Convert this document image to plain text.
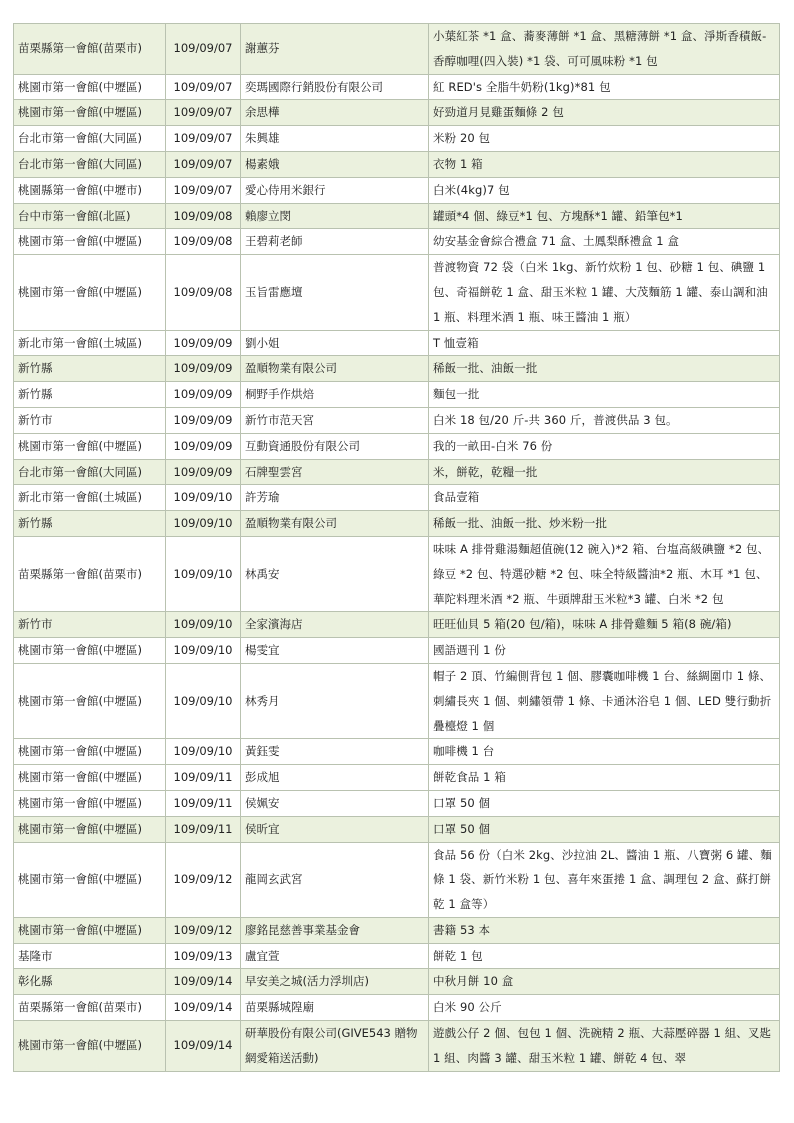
苗栗縣第一會館(苗栗市)	109/09/07	謝蕙芬	小葉紅茶 *1 盒、蕎麥薄餅 *1 盒、黑糖薄餅 *1 盒、淨斯香積飯-香醇咖哩(四入裝) *1 袋、可可風味粉 *1 包
桃園市第一會館(中壢區)	109/09/07	奕瑪國際行銷股份有限公司	紅 RED's 全脂牛奶粉(1kg)*81 包
桃園市第一會館(中壢區)	109/09/07	余思樺	好勁道月見雞蛋麵條 2 包
台北市第一會館(大同區)	109/09/07	朱興雄	米粉 20 包
台北市第一會館(大同區)	109/09/07	楊素娥	衣物 1 箱
桃園縣第一會館(中壢市)	109/09/07	愛心侍用米銀行	白米(4kg)7 包
台中市第一會館(北區)	109/09/08	賴廖立閔	罐頭*4 個、綠豆*1 包、方塊酥*1 罐、鉛筆包*1
桃園市第一會館(中壢區)	109/09/08	王碧莉老師	幼安基金會綜合禮盒 71 盒、土鳳梨酥禮盒 1 盒
桃園市第一會館(中壢區)	109/09/08	玉旨雷應壇	普渡物資 72 袋（白米 1kg、新竹炊粉 1 包、砂糖 1 包、碘鹽 1 包、奇福餅乾 1 盒、甜玉米粒 1 罐、大茂麵筋 1 罐、泰山調和油 1 瓶、料理米酒 1 瓶、味王醬油 1 瓶）
新北市第一會館(土城區)	109/09/09	劉小姐	T 恤壹箱
新竹縣	109/09/09	盈順物業有限公司	稀飯一批、油飯一批
新竹縣	109/09/09	桐野手作烘焙	麵包一批
新竹市	109/09/09	新竹市范天宮	白米 18 包/20 斤-共 360 斤，普渡供品 3 包。
桃園市第一會館(中壢區)	109/09/09	互動資通股份有限公司	我的一畝田-白米 76 份
台北市第一會館(大同區)	109/09/09	石牌聖雲宮	米，餅乾，乾糧一批
新北市第一會館(土城區)	109/09/10	許芳瑜	食品壹箱
新竹縣	109/09/10	盈順物業有限公司	稀飯一批、油飯一批、炒米粉一批
苗栗縣第一會館(苗栗市)	109/09/10	林禹安	味味 A 排骨雞湯麵超值碗(12 碗入)*2 箱、台塩高級碘鹽 *2 包、綠豆 *2 包、特選砂糖 *2 包、味全特級醬油*2 瓶、木耳 *1 包、華陀料理米酒 *2 瓶、牛頭牌甜玉米粒*3 罐、白米 *2 包
新竹市	109/09/10	全家濱海店	旺旺仙貝 5 箱(20 包/箱)，味味 A 排骨雞麵 5 箱(8 碗/箱)
桃園市第一會館(中壢區)	109/09/10	楊雯宜	國語週刊 1 份
桃園市第一會館(中壢區)	109/09/10	林秀月	帽子 2 頂、竹編側背包 1 個、膠囊咖啡機 1 台、絲綢圍巾 1 條、刺繡長夾 1 個、刺繡領帶 1 條、卡通沐浴皂 1 個、LED 雙行動折疊檯燈 1 個
桃園市第一會館(中壢區)	109/09/10	黃鈺雯	咖啡機 1 台
桃園市第一會館(中壢區)	109/09/11	彭成旭	餅乾食品 1 箱
桃園市第一會館(中壢區)	109/09/11	侯姵安	口罩 50 個
桃園市第一會館(中壢區)	109/09/11	侯昕宜	口罩 50 個
桃園市第一會館(中壢區)	109/09/12	龍岡玄武宮	食品 56 份（白米 2kg、沙拉油 2L、醬油 1 瓶、八寶粥 6 罐、麵條 1 袋、新竹米粉 1 包、喜年來蛋捲 1 盒、調理包 2 盒、蘇打餅乾 1 盒等）
桃園市第一會館(中壢區)	109/09/12	廖銘昆慈善事業基金會	書籍 53 本
基隆市	109/09/13	盧宜萱	餅乾 1 包
彰化縣	109/09/14	早安美之城(活力浮圳店)	中秋月餅 10 盒
苗栗縣第一會館(苗栗市)	109/09/14	苗栗縣城隍廟	白米 90 公斤
桃園市第一會館(中壢區)	109/09/14	研華股份有限公司(GIVE543 贈物網愛箱送活動)	遊戲公仔 2 個、包包 1 個、洗碗精 2 瓶、大蒜壓碎器 1 組、叉匙 1 組、肉醬 3 罐、甜玉米粒 1 罐、餅乾 4 包、翠
